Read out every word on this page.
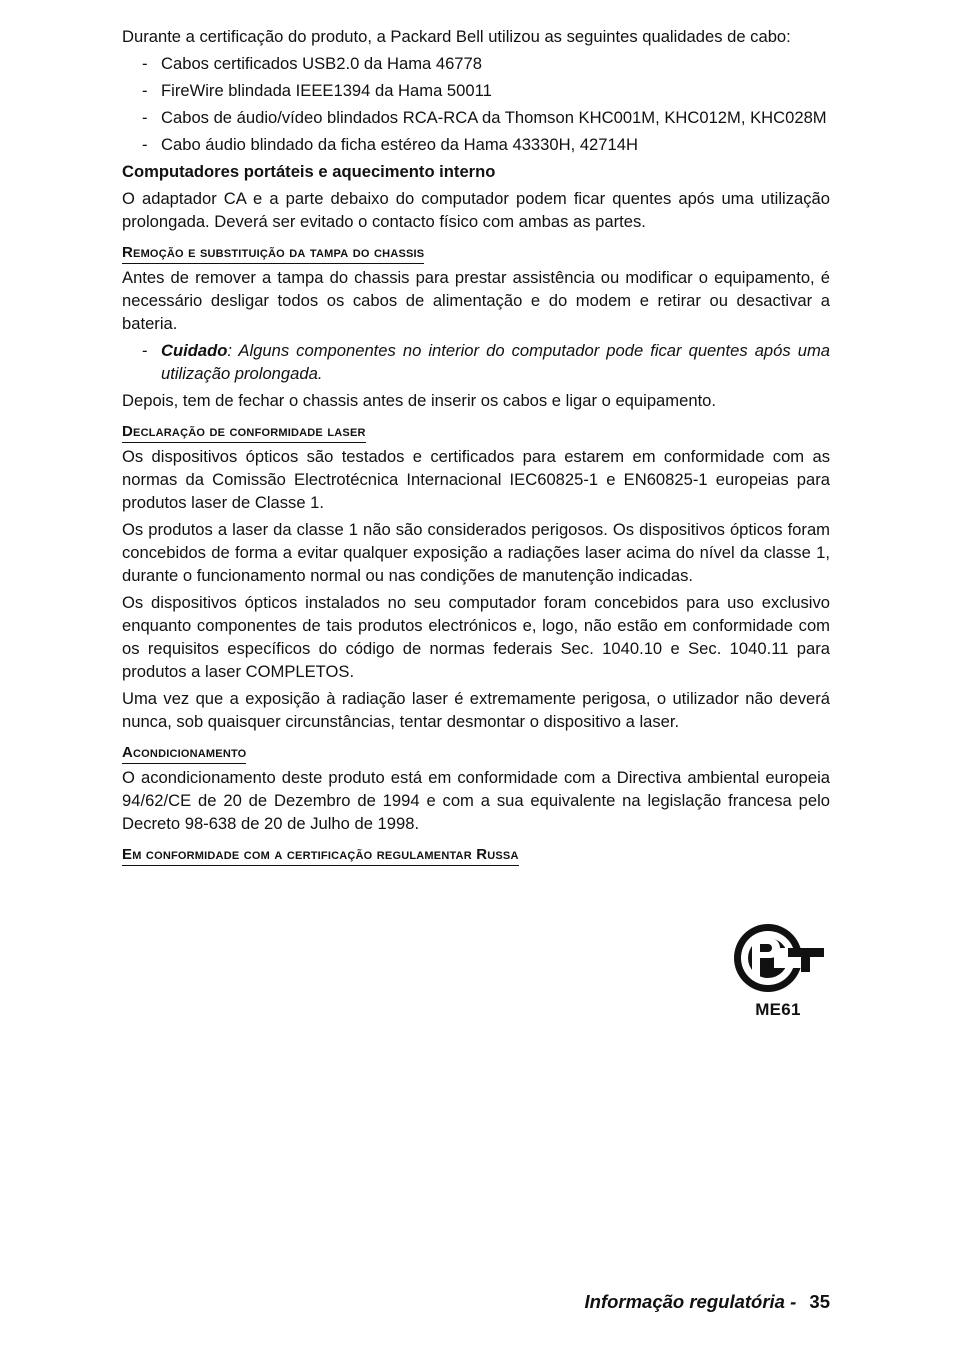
Durante a certificação do produto, a Packard Bell utilizou as seguintes qualidades de cabo:

- Cabos certificados USB2.0 da Hama 46778
- FireWire blindada IEEE1394 da Hama 50011
- Cabos de áudio/vídeo blindados RCA-RCA da Thomson KHC001M, KHC012M, KHC028M
- Cabo áudio blindado da ficha estéreo da Hama 43330H, 42714H
Computadores portáteis e aquecimento interno

O adaptador CA e a parte debaixo do computador podem ficar quentes após uma utilização prolongada. Deverá ser evitado o contacto físico com ambas as partes.

Remoção e substituição da tampa do chassis

Antes de remover a tampa do chassis para prestar assistência ou modificar o equipamento, é necessário desligar todos os cabos de alimentação e do modem e retirar ou desactivar a bateria.

- Cuidado: Alguns componentes no interior do computador pode ficar quentes após uma utilização prolongada.

Depois, tem de fechar o chassis antes de inserir os cabos e ligar o equipamento.

Declaração de conformidade laser

Os dispositivos ópticos são testados e certificados para estarem em conformidade com as normas da Comissão Electrotécnica Internacional IEC60825-1 e EN60825-1 europeias para produtos laser de Classe 1.

Os produtos a laser da classe 1 não são considerados perigosos. Os dispositivos ópticos foram concebidos de forma a evitar qualquer exposição a radiações laser acima do nível da classe 1, durante o funcionamento normal ou nas condições de manutenção indicadas.

Os dispositivos ópticos instalados no seu computador foram concebidos para uso exclusivo enquanto componentes de tais produtos electrónicos e, logo, não estão em conformidade com os requisitos específicos do código de normas federais Sec. 1040.10 e Sec. 1040.11 para produtos a laser COMPLETOS.

Uma vez que a exposição à radiação laser é extremamente perigosa, o utilizador não deverá nunca, sob quaisquer circunstâncias, tentar desmontar o dispositivo a laser.

Acondicionamento

O acondicionamento deste produto está em conformidade com a Directiva ambiental europeia 94/62/CE de 20 de Dezembro de 1994 e com a sua equivalente na legislação francesa pelo Decreto 98-638 de 20 de Julho de 1998.

Em conformidade com a certificação regulamentar Russa
ME61
Informação regulatória - 35
